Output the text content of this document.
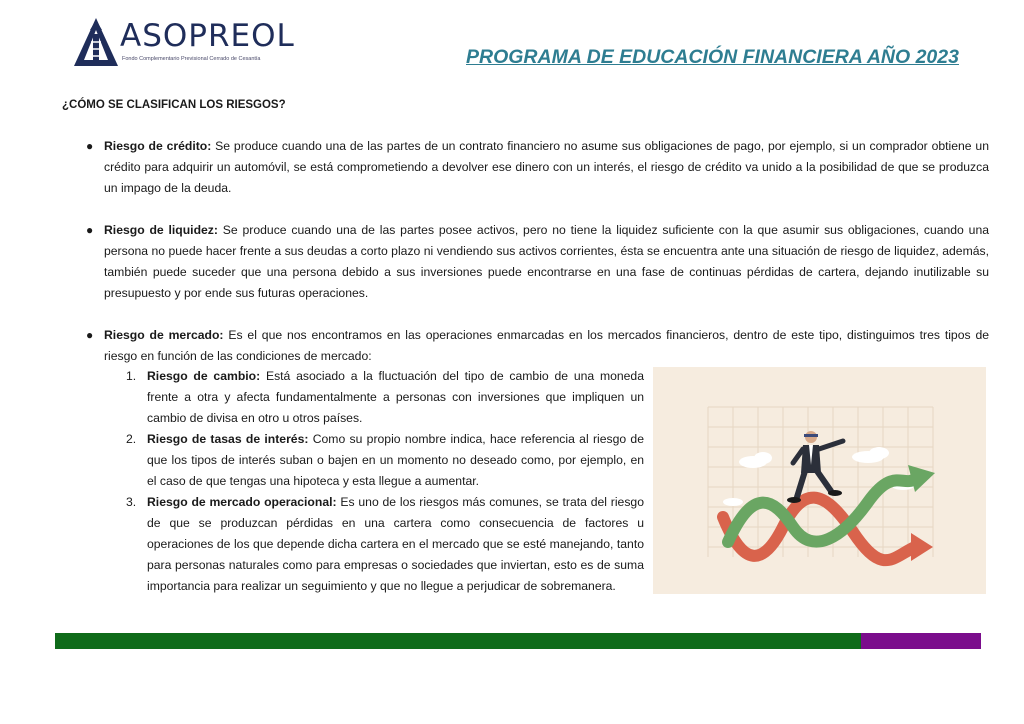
ASOPREOL
Fondo Complementario Previsional Cerrado de Cesantía	PROGRAMA DE EDUCACIÓN FINANCIERA AÑO 2023
¿CÓMO SE CLASIFICAN LOS RIESGOS?
● Riesgo de crédito: Se produce cuando una de las partes de un contrato financiero no asume sus obligaciones de pago, por ejemplo, si un comprador obtiene un crédito para adquirir un automóvil, se está comprometiendo a devolver ese dinero con un interés, el riesgo de crédito va unido a la posibilidad de que se produzca un impago de la deuda.
● Riesgo de liquidez: Se produce cuando una de las partes posee activos, pero no tiene la liquidez suficiente con la que asumir sus obligaciones, cuando una persona no puede hacer frente a sus deudas a corto plazo ni vendiendo sus activos corrientes, ésta se encuentra ante una situación de riesgo de liquidez, además, también puede suceder que una persona debido a sus inversiones puede encontrarse en una fase de continuas pérdidas de cartera, dejando inutilizable su presupuesto y por ende sus futuras operaciones.
● Riesgo de mercado: Es el que nos encontramos en las operaciones enmarcadas en los mercados financieros, dentro de este tipo, distinguimos tres tipos de riesgo en función de las condiciones de mercado:
1. Riesgo de cambio: Está asociado a la fluctuación del tipo de cambio de una moneda frente a otra y afecta fundamentalmente a personas con inversiones que impliquen un cambio de divisa en otro u otros países.
2. Riesgo de tasas de interés: Como su propio nombre indica, hace referencia al riesgo de que los tipos de interés suban o bajen en un momento no deseado como, por ejemplo, en el caso de que tengas una hipoteca y esta llegue a aumentar.
3. Riesgo de mercado operacional: Es uno de los riesgos más comunes, se trata del riesgo de que se produzcan pérdidas en una cartera como consecuencia de factores u operaciones de los que depende dicha cartera en el mercado que se esté manejando, tanto para personas naturales como para empresas o sociedades que inviertan, esto es de suma importancia para realizar un seguimiento y que no llegue a perjudicar de sobremanera.
